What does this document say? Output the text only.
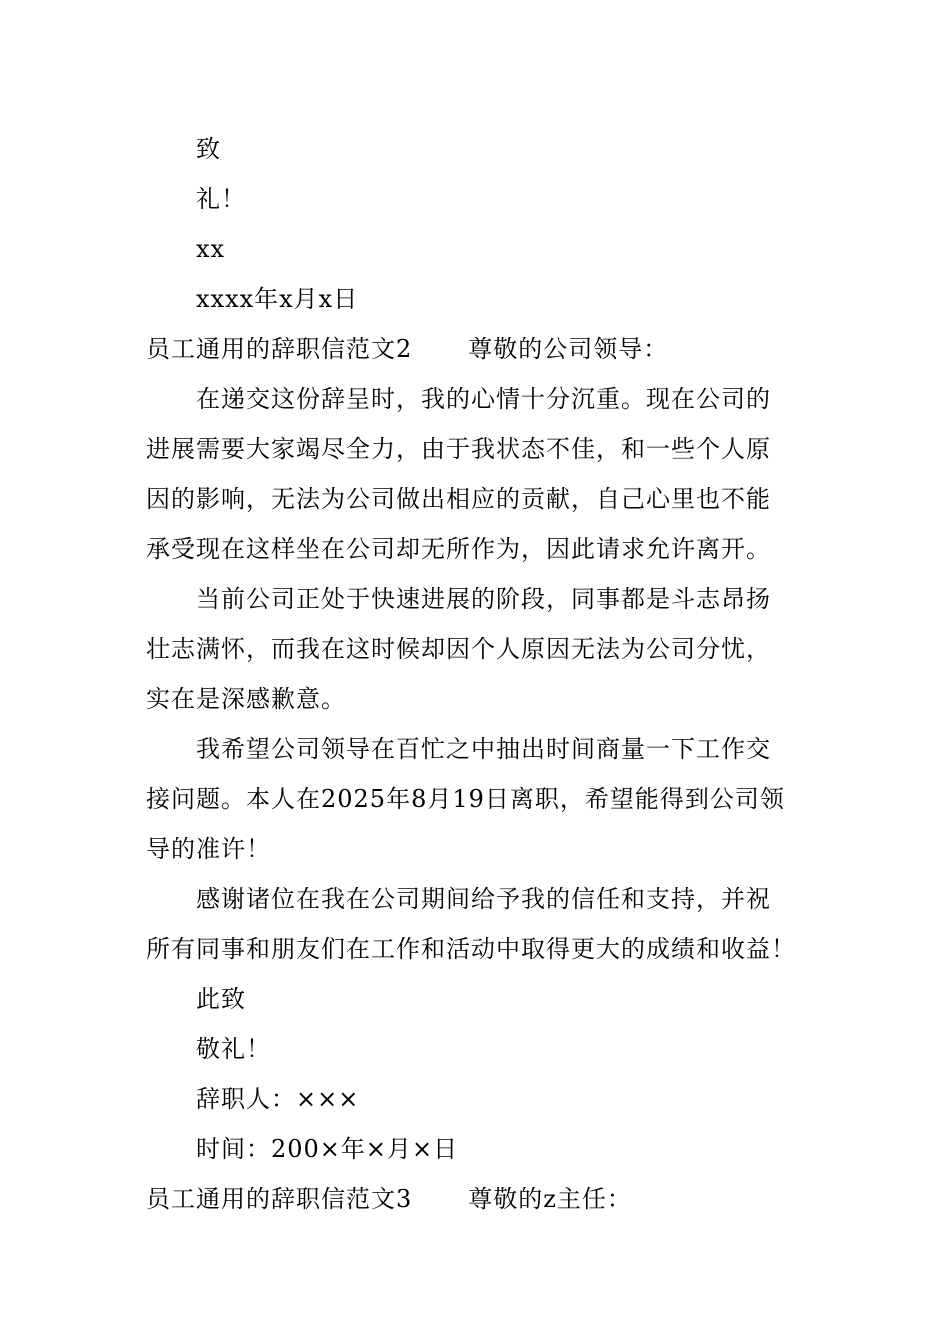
致
礼！
xx
xxxx年x月x日
员工通用的辞职信范文2 尊敬的公司领导：
在递交这份辞呈时，我的心情十分沉重。现在公司的
进展需要大家竭尽全力，由于我状态不佳，和一些个人原
因的影响，无法为公司做出相应的贡献，自己心里也不能
承受现在这样坐在公司却无所作为，因此请求允许离开。
当前公司正处于快速进展的阶段，同事都是斗志昂扬
壮志满怀，而我在这时候却因个人原因无法为公司分忧，
实在是深感歉意。
我希望公司领导在百忙之中抽出时间商量一下工作交
接问题。本人在2025年8月19日离职，希望能得到公司领
导的准许！
感谢诸位在我在公司期间给予我的信任和支持，并祝
所有同事和朋友们在工作和活动中取得更大的成绩和收益！
此致
敬礼！
辞职人：×××
时间：200×年×月×日
员工通用的辞职信范文3 尊敬的z主任：
